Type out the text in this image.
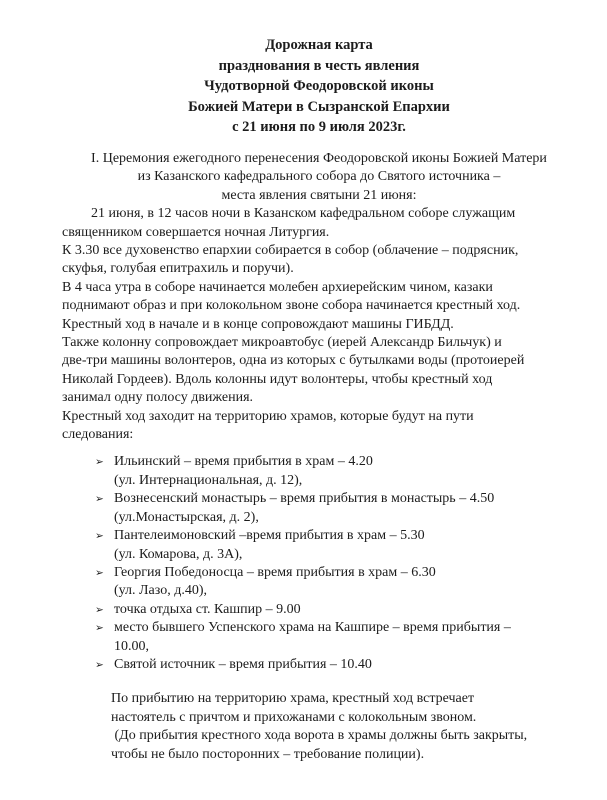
Дорожная карта
празднования в честь явления
Чудотворной Феодоровской иконы
Божией Матери в Сызранской Епархии
с 21 июня по 9 июля 2023г.
I. Церемония ежегодного перенесения Феодоровской иконы Божией Матери
из Казанского кафедрального собора до Святого источника –
места явления святыни 21 июня:
21 июня, в 12 часов ночи в Казанском кафедральном соборе служащим
священником совершается ночная Литургия.
К 3.30 все духовенство епархии собирается в собор (облачение – подрясник,
скуфья, голубая епитрахиль и поручи).
В 4 часа утра в соборе начинается молебен архиерейским чином, казаки
поднимают образ и при колокольном звоне собора начинается крестный ход.
Крестный ход в начале и в конце сопровождают машины ГИБДД.
Также колонну сопровождает микроавтобус (иерей Александр Бильчук) и
две-три машины волонтеров, одна из которых с бутылками воды (протоиерей
Николай Гордеев). Вдоль колонны идут волонтеры, чтобы крестный ход
занимал одну полосу движения.
Крестный ход заходит на территорию храмов, которые будут на пути
следования:
➢ Ильинский – время прибытия в храм – 4.20
(ул. Интернациональная, д. 12),
➢ Вознесенский монастырь – время прибытия в монастырь – 4.50
(ул.Монастырская, д. 2),
➢ Пантелеимоновский –время прибытия в храм – 5.30
(ул. Комарова, д. 3А),
➢ Георгия Победоносца – время прибытия в храм – 6.30
(ул. Лазо, д.40),
➢ точка отдыха ст. Кашпир – 9.00
➢ место бывшего Успенского храма на Кашпире – время прибытия –
10.00,
➢ Святой источник – время прибытия – 10.40
По прибытию на территорию храма, крестный ход встречает
настоятель с причтом и прихожанами с колокольным звоном.
(До прибытия крестного хода ворота в храмы должны быть закрыты,
чтобы не было посторонних – требование полиции).
